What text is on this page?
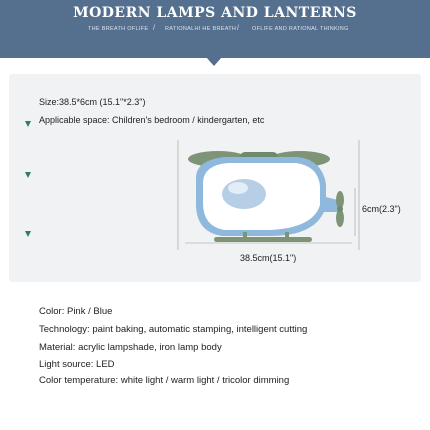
MODERN LAMPS AND LANTERNS
THE BREATH OFLIFE / RATIONALHI HE BREATH / OFLIFE AND RATIONAL THINKING
Size:38.5*6cm (15.1"*2.3")
Applicable space: Children's bedroom / kindergarten, etc
6cm(2.3")
38.5cm(15.1")
Color: Pink / Blue
Technology: paint baking, automatic stamping, intelligent cutting
Material: acrylic lampshade, iron lamp body
Light source: LED
Color temperature: white light / warm light / tricolor dimming
